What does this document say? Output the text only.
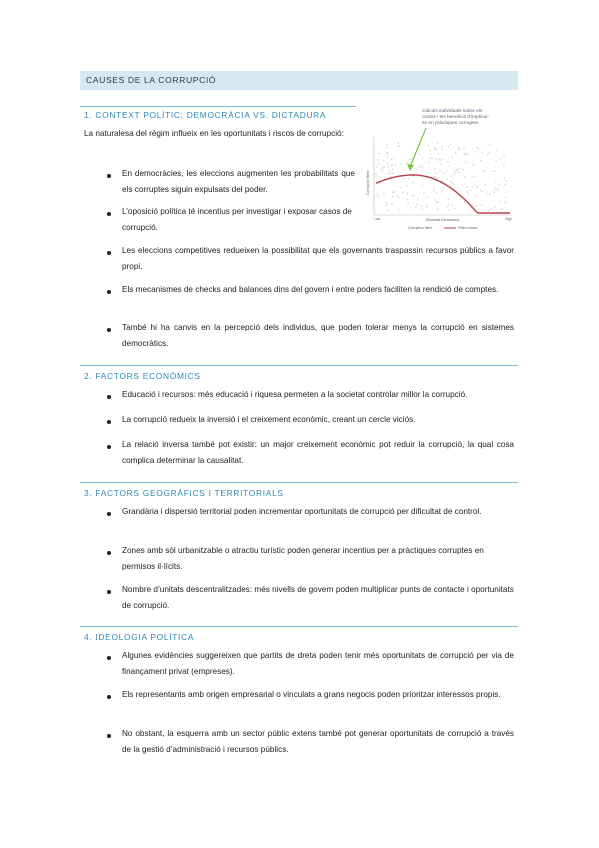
CAUSES DE LA CORRUPCIÓ
1. CONTEXT POLÍTIC: DEMOCRÀCIA VS. DICTADURA

La naturalesa del règim influeix en les oportunitats i riscos de corrupció:

En democràcies, les eleccions augmenten les probabilitats que els corruptes siguin expulsats del poder.

L’oposició política té incentius per investigar i exposar casos de corrupció.

Les eleccions competitives redueixen la possibilitat que els governants traspassin recursos públics a favor propi.

Els mecanismes de checks and balances dins del govern i entre poders faciliten la rendició de comptes.

També hi ha canvis en la percepció dels individus, que poden tolerar menys la corrupció en sistemes democràtics.

Càlculs individuals sobre els
costos i els beneficis d’implicar-
se en pràctiques corruptes
Corrupció fitted
Low	High
Electoral Democracy
Corruption fitted	Fitted values
2. FACTORS ECONÒMICS

Educació i recursos: més educació i riquesa permeten a la societat controlar millor la corrupció.

La corrupció redueix la inversió i el creixement econòmic, creant un cercle viciós.

La relació inversa també pot existir: un major creixement econòmic pot reduir la corrupció, la qual cosa complica determinar la causalitat.

3. FACTORS GEOGRÀFICS I TERRITORIALS

Grandària i dispersió territorial poden incrementar oportunitats de corrupció per dificultat de control.

Zones amb sòl urbanitzable o atractiu turístic poden generar incentius per a pràctiques corruptes en permisos il·lícits.

Nombre d’unitats descentralitzades: més nivells de govern poden multiplicar punts de contacte i oportunitats de corrupció.

4. IDEOLOGIA POLÍTICA

Algunes evidències suggereixen que partits de dreta poden tenir més oportunitats de corrupció per via de finançament privat (empreses).

Els representants amb origen empresarial o vinculats a grans negocis poden prioritzar interessos propis.

No obstant, la esquerra amb un sector públic extens també pot generar oportunitats de corrupció a través de la gestió d’administració i recursos públics.
